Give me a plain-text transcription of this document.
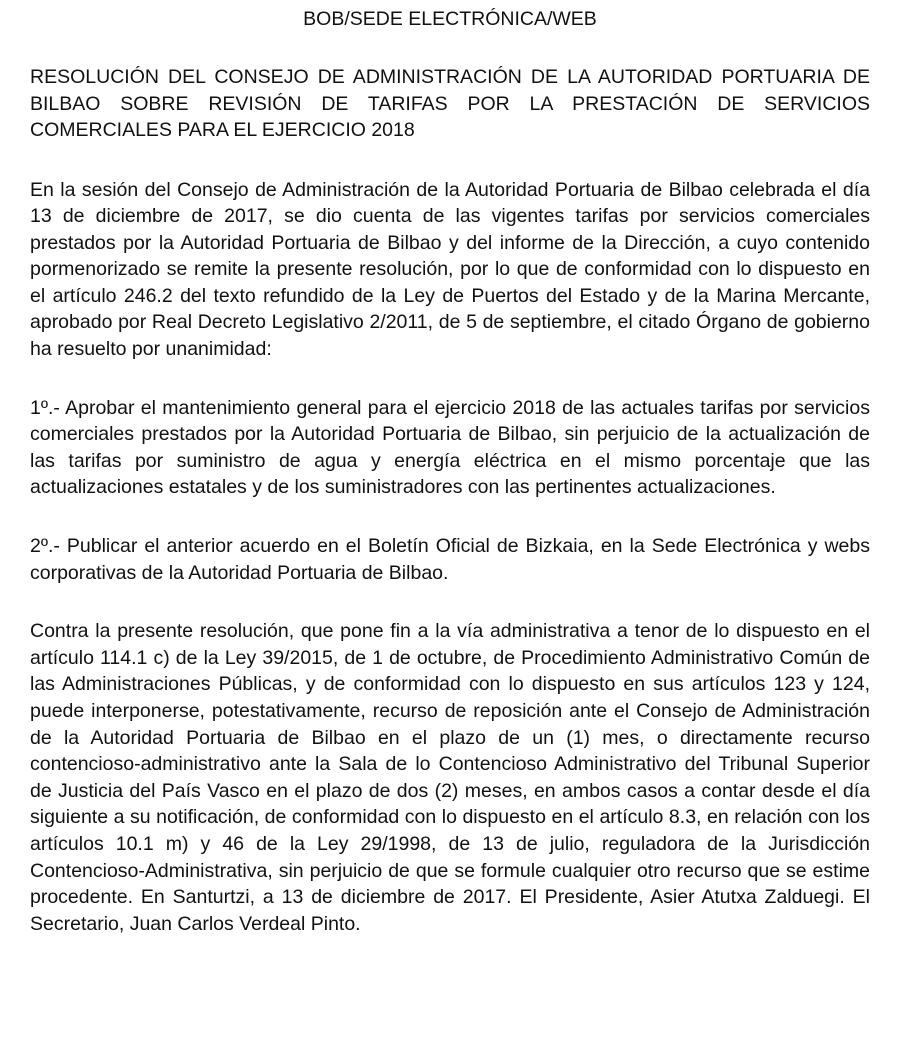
BOB/SEDE ELECTRÓNICA/WEB

RESOLUCIÓN DEL CONSEJO DE ADMINISTRACIÓN DE LA AUTORIDAD PORTUARIA DE BILBAO SOBRE REVISIÓN DE TARIFAS POR LA PRESTACIÓN DE SERVICIOS COMERCIALES PARA EL EJERCICIO 2018

En la sesión del Consejo de Administración de la Autoridad Portuaria de Bilbao celebrada el día 13 de diciembre de 2017, se dio cuenta de las vigentes tarifas por servicios comerciales prestados por la Autoridad Portuaria de Bilbao y del informe de la Dirección, a cuyo contenido pormenorizado se remite la presente resolución, por lo que de conformidad con lo dispuesto en el artículo 246.2 del texto refundido de la Ley de Puertos del Estado y de la Marina Mercante, aprobado por Real Decreto Legislativo 2/2011, de 5 de septiembre, el citado Órgano de gobierno ha resuelto por unanimidad:

1º.- Aprobar el mantenimiento general para el ejercicio 2018 de las actuales tarifas por servicios comerciales prestados por la Autoridad Portuaria de Bilbao, sin perjuicio de la actualización de las tarifas por suministro de agua y energía eléctrica en el mismo porcentaje que las actualizaciones estatales y de los suministradores con las pertinentes actualizaciones.

2º.- Publicar el anterior acuerdo en el Boletín Oficial de Bizkaia, en la Sede Electrónica y webs corporativas de la Autoridad Portuaria de Bilbao.

Contra la presente resolución, que pone fin a la vía administrativa a tenor de lo dispuesto en el artículo 114.1 c) de la Ley 39/2015, de 1 de octubre, de Procedimiento Administrativo Común de las Administraciones Públicas, y de conformidad con lo dispuesto en sus artículos 123 y 124, puede interponerse, potestativamente, recurso de reposición ante el Consejo de Administración de la Autoridad Portuaria de Bilbao en el plazo de un (1) mes, o directamente recurso contencioso-administrativo ante la Sala de lo Contencioso Administrativo del Tribunal Superior de Justicia del País Vasco en el plazo de dos (2) meses, en ambos casos a contar desde el día siguiente a su notificación, de conformidad con lo dispuesto en el artículo 8.3, en relación con los artículos 10.1 m) y 46 de la Ley 29/1998, de 13 de julio, reguladora de la Jurisdicción Contencioso-Administrativa, sin perjuicio de que se formule cualquier otro recurso que se estime procedente. En Santurtzi, a 13 de diciembre de 2017. El Presidente, Asier Atutxa Zalduegi. El Secretario, Juan Carlos Verdeal Pinto.
